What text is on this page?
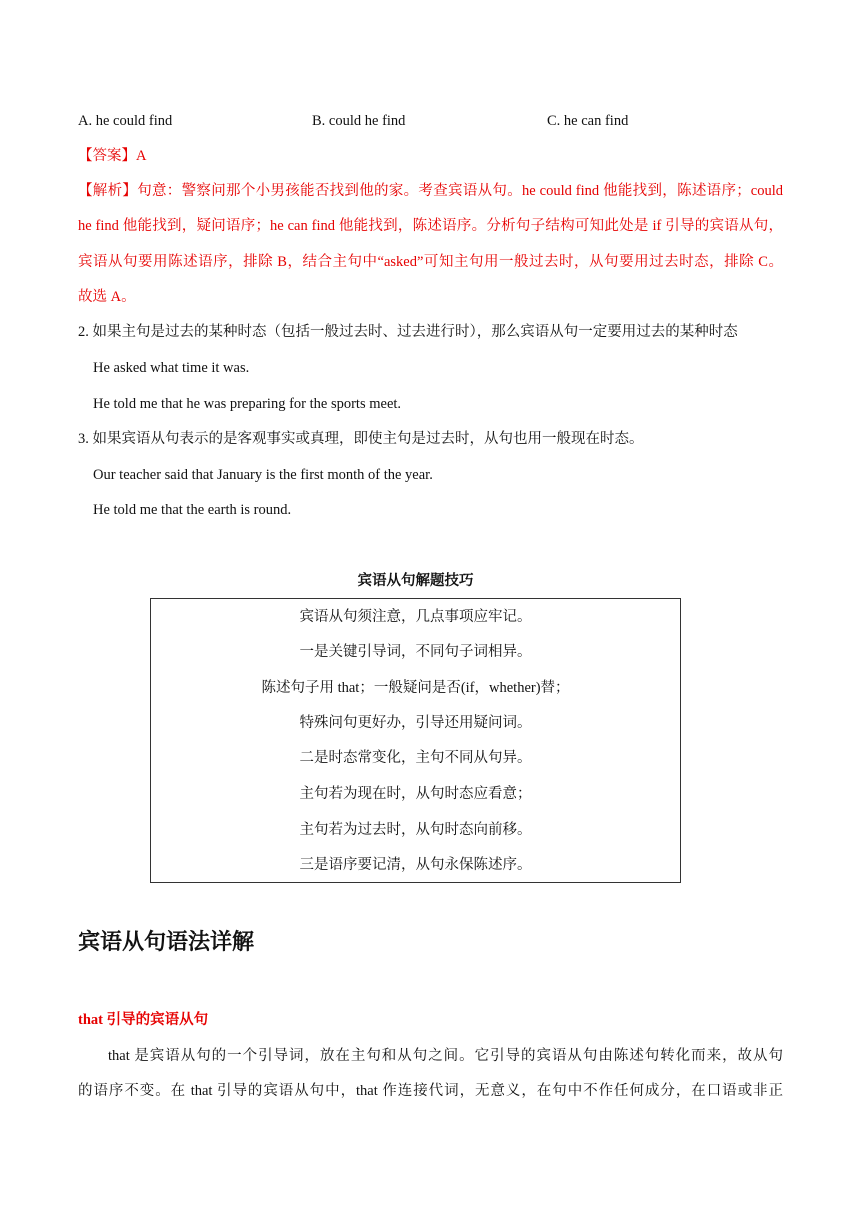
A. he could find	B. could he find	C. he can find
【答案】A
【解析】句意：警察问那个小男孩能否找到他的家。考查宾语从句。he could find 他能找到，陈述语序；could
he find 他能找到，疑问语序；he can find 他能找到，陈述语序。分析句子结构可知此处是 if 引导的宾语从句，
宾语从句要用陈述语序，排除 B，结合主句中“asked”可知主句用一般过去时，从句要用过去时态，排除 C。
故选 A。
2. 如果主句是过去的某种时态（包括一般过去时、过去进行时），那么宾语从句一定要用过去的某种时态
He asked what time it was.
He told me that he was preparing for the sports meet.
3. 如果宾语从句表示的是客观事实或真理，即使主句是过去时，从句也用一般现在时态。
Our teacher said that January is the first month of the year.
He told me that the earth is round.
宾语从句解题技巧
宾语从句须注意，几点事项应牢记。
一是关键引导词，不同句子词相异。
陈述句子用 that；一般疑问是否(if，whether)替；
特殊问句更好办，引导还用疑问词。
二是时态常变化，主句不同从句异。
主句若为现在时，从句时态应看意；
主句若为过去时，从句时态向前移。
三是语序要记清，从句永保陈述序。
宾语从句语法详解
that 引导的宾语从句
that 是宾语从句的一个引导词，放在主句和从句之间。它引导的宾语从句由陈述句转化而来，故从句
的语序不变。在 that 引导的宾语从句中，that 作连接代词，无意义，在句中不作任何成分，在口语或非正
